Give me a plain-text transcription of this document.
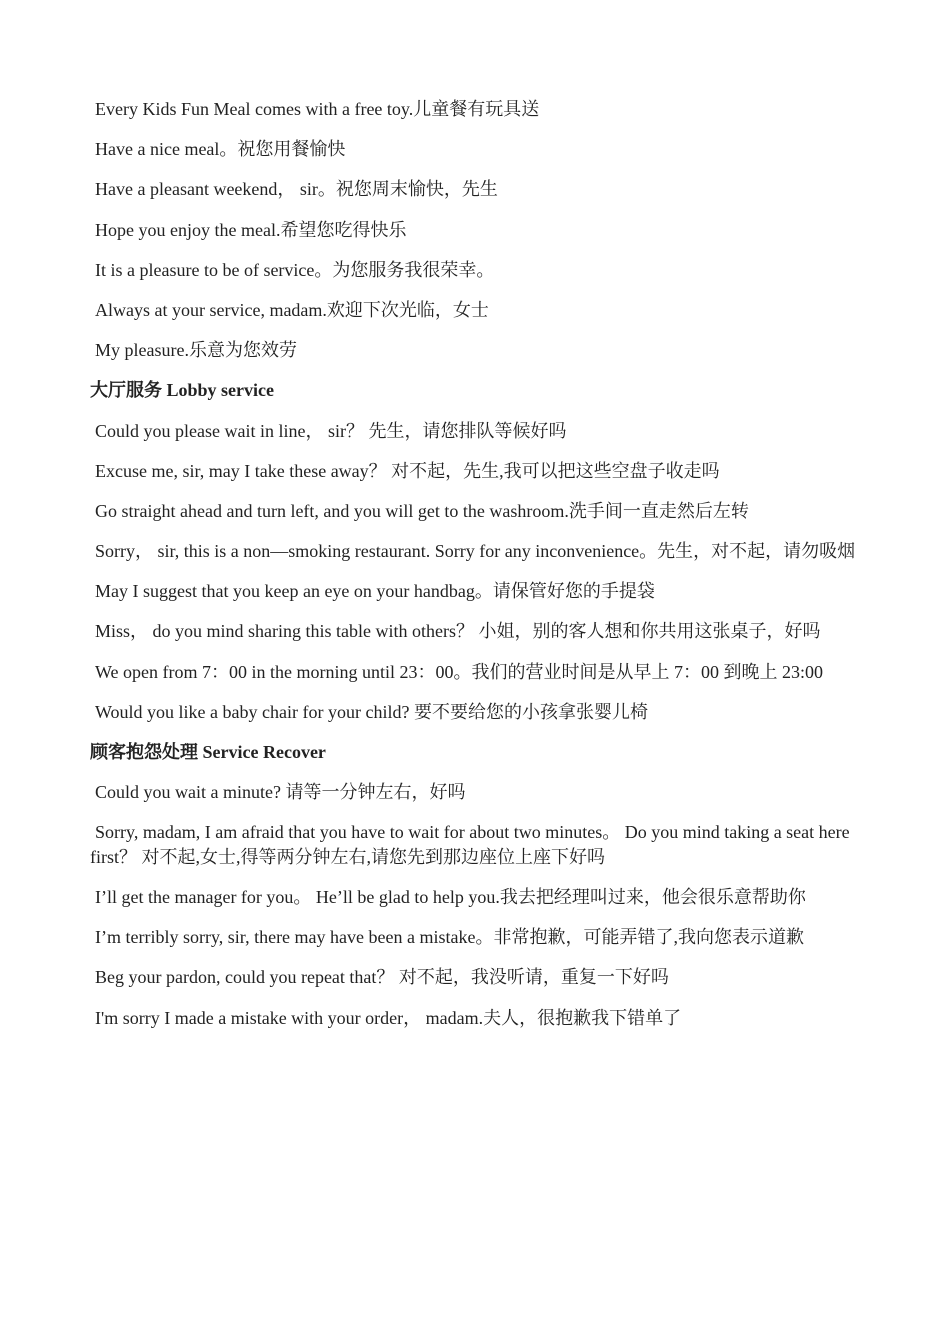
Every Kids Fun Meal comes with a free toy.儿童餐有玩具送

Have a nice meal。祝您用餐愉快

Have a pleasant weekend， sir。祝您周末愉快，先生

Hope you enjoy the meal.希望您吃得快乐

It is a pleasure to be of service。为您服务我很荣幸。

Always at your service, madam.欢迎下次光临，女士

My pleasure.乐意为您效劳

大厅服务 Lobby service

Could you please wait in line， sir？ 先生，请您排队等候好吗

Excuse me, sir, may I take these away？ 对不起，先生,我可以把这些空盘子收走吗

Go straight ahead and turn left, and you will get to the washroom.洗手间一直走然后左转

Sorry， sir, this is a non—smoking restaurant. Sorry for any inconvenience。先生，对不起，请勿吸烟

May I suggest that you keep an eye on your handbag。请保管好您的手提袋

Miss， do you mind sharing this table with others？ 小姐，别的客人想和你共用这张桌子，好吗

We open from 7：00 in the morning until 23：00。我们的营业时间是从早上 7：00 到晚上 23:00

Would you like a baby chair for your child? 要不要给您的小孩拿张婴儿椅

顾客抱怨处理 Service Recover

Could you wait a minute? 请等一分钟左右，好吗

Sorry, madam, I am afraid that you have to wait for about two minutes。 Do you mind taking a seat here first？ 对不起,女士,得等两分钟左右,请您先到那边座位上座下好吗

I’ll get the manager for you。 He’ll be glad to help you.我去把经理叫过来，他会很乐意帮助你

I’m terribly sorry, sir, there may have been a mistake。非常抱歉，可能弄错了,我向您表示道歉

Beg your pardon, could you repeat that？ 对不起，我没听请，重复一下好吗

I'm sorry I made a mistake with your order， madam.夫人，很抱歉我下错单了
